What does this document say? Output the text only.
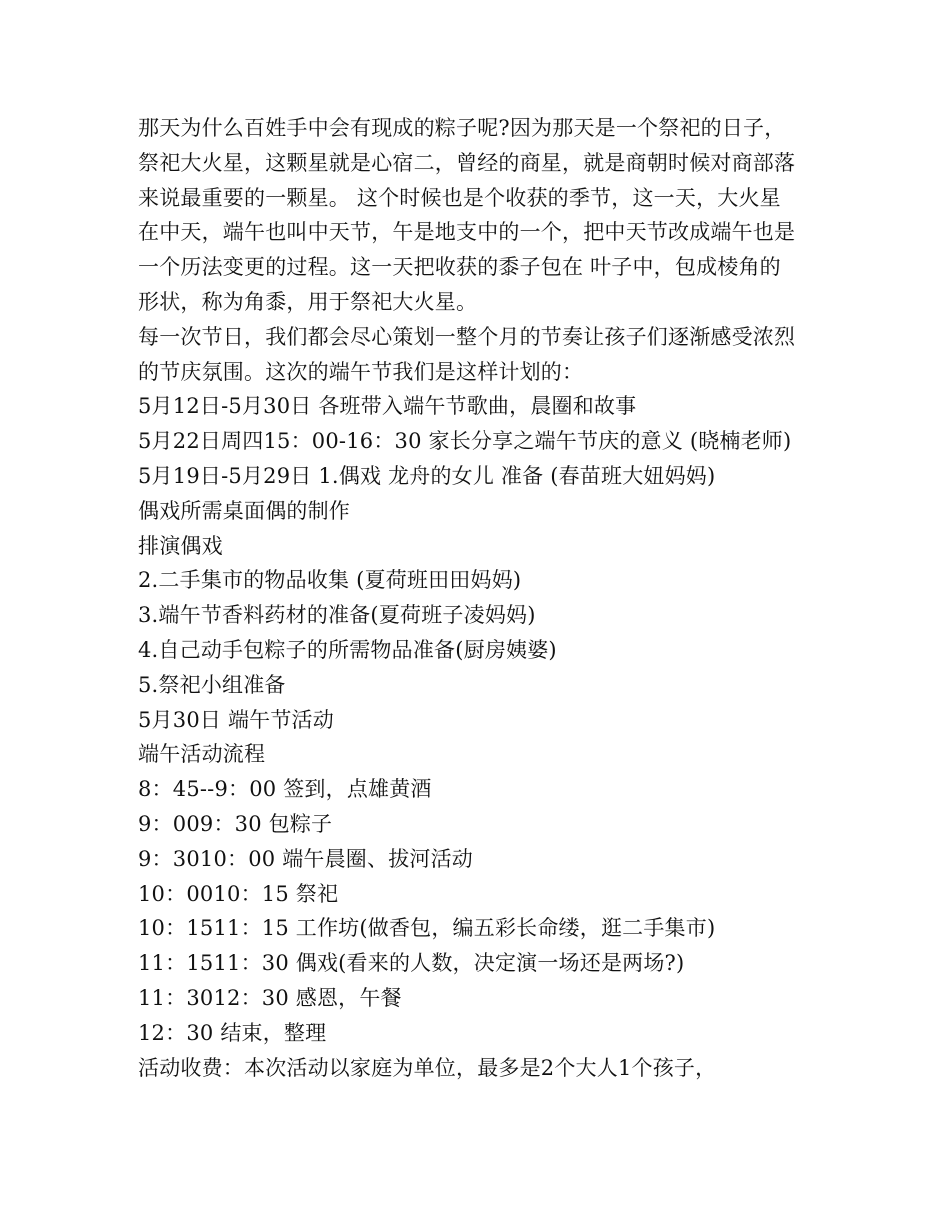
那天为什么百姓手中会有现成的粽子呢?因为那天是一个祭祀的日子，
祭祀大火星，这颗星就是心宿二，曾经的商星，就是商朝时候对商部落
来说最重要的一颗星。 这个时候也是个收获的季节，这一天，大火星
在中天，端午也叫中天节，午是地支中的一个，把中天节改成端午也是
一个历法变更的过程。这一天把收获的黍子包在 叶子中，包成棱角的
形状，称为角黍，用于祭祀大火星。
每一次节日，我们都会尽心策划一整个月的节奏让孩子们逐渐感受浓烈
的节庆氛围。这次的端午节我们是这样计划的：
5月12日-5月30日 各班带入端午节歌曲，晨圈和故事
5月22日周四15：00-16：30 家长分享之端午节庆的意义 (晓楠老师)
5月19日-5月29日 1.偶戏 龙舟的女儿 准备 (春苗班大妞妈妈)
偶戏所需桌面偶的制作
排演偶戏
2.二手集市的物品收集 (夏荷班田田妈妈)
3.端午节香料药材的准备(夏荷班子凌妈妈)
4.自己动手包粽子的所需物品准备(厨房姨婆)
5.祭祀小组准备
5月30日 端午节活动
端午活动流程
8：45--9：00 签到，点雄黄酒
9：009：30 包粽子
9：3010：00 端午晨圈、拔河活动
10：0010：15 祭祀
10：1511：15 工作坊(做香包，编五彩长命缕，逛二手集市)
11：1511：30 偶戏(看来的人数，决定演一场还是两场?)
11：3012：30 感恩，午餐
12：30 结束，整理
活动收费：本次活动以家庭为单位，最多是2个大人1个孩子，
